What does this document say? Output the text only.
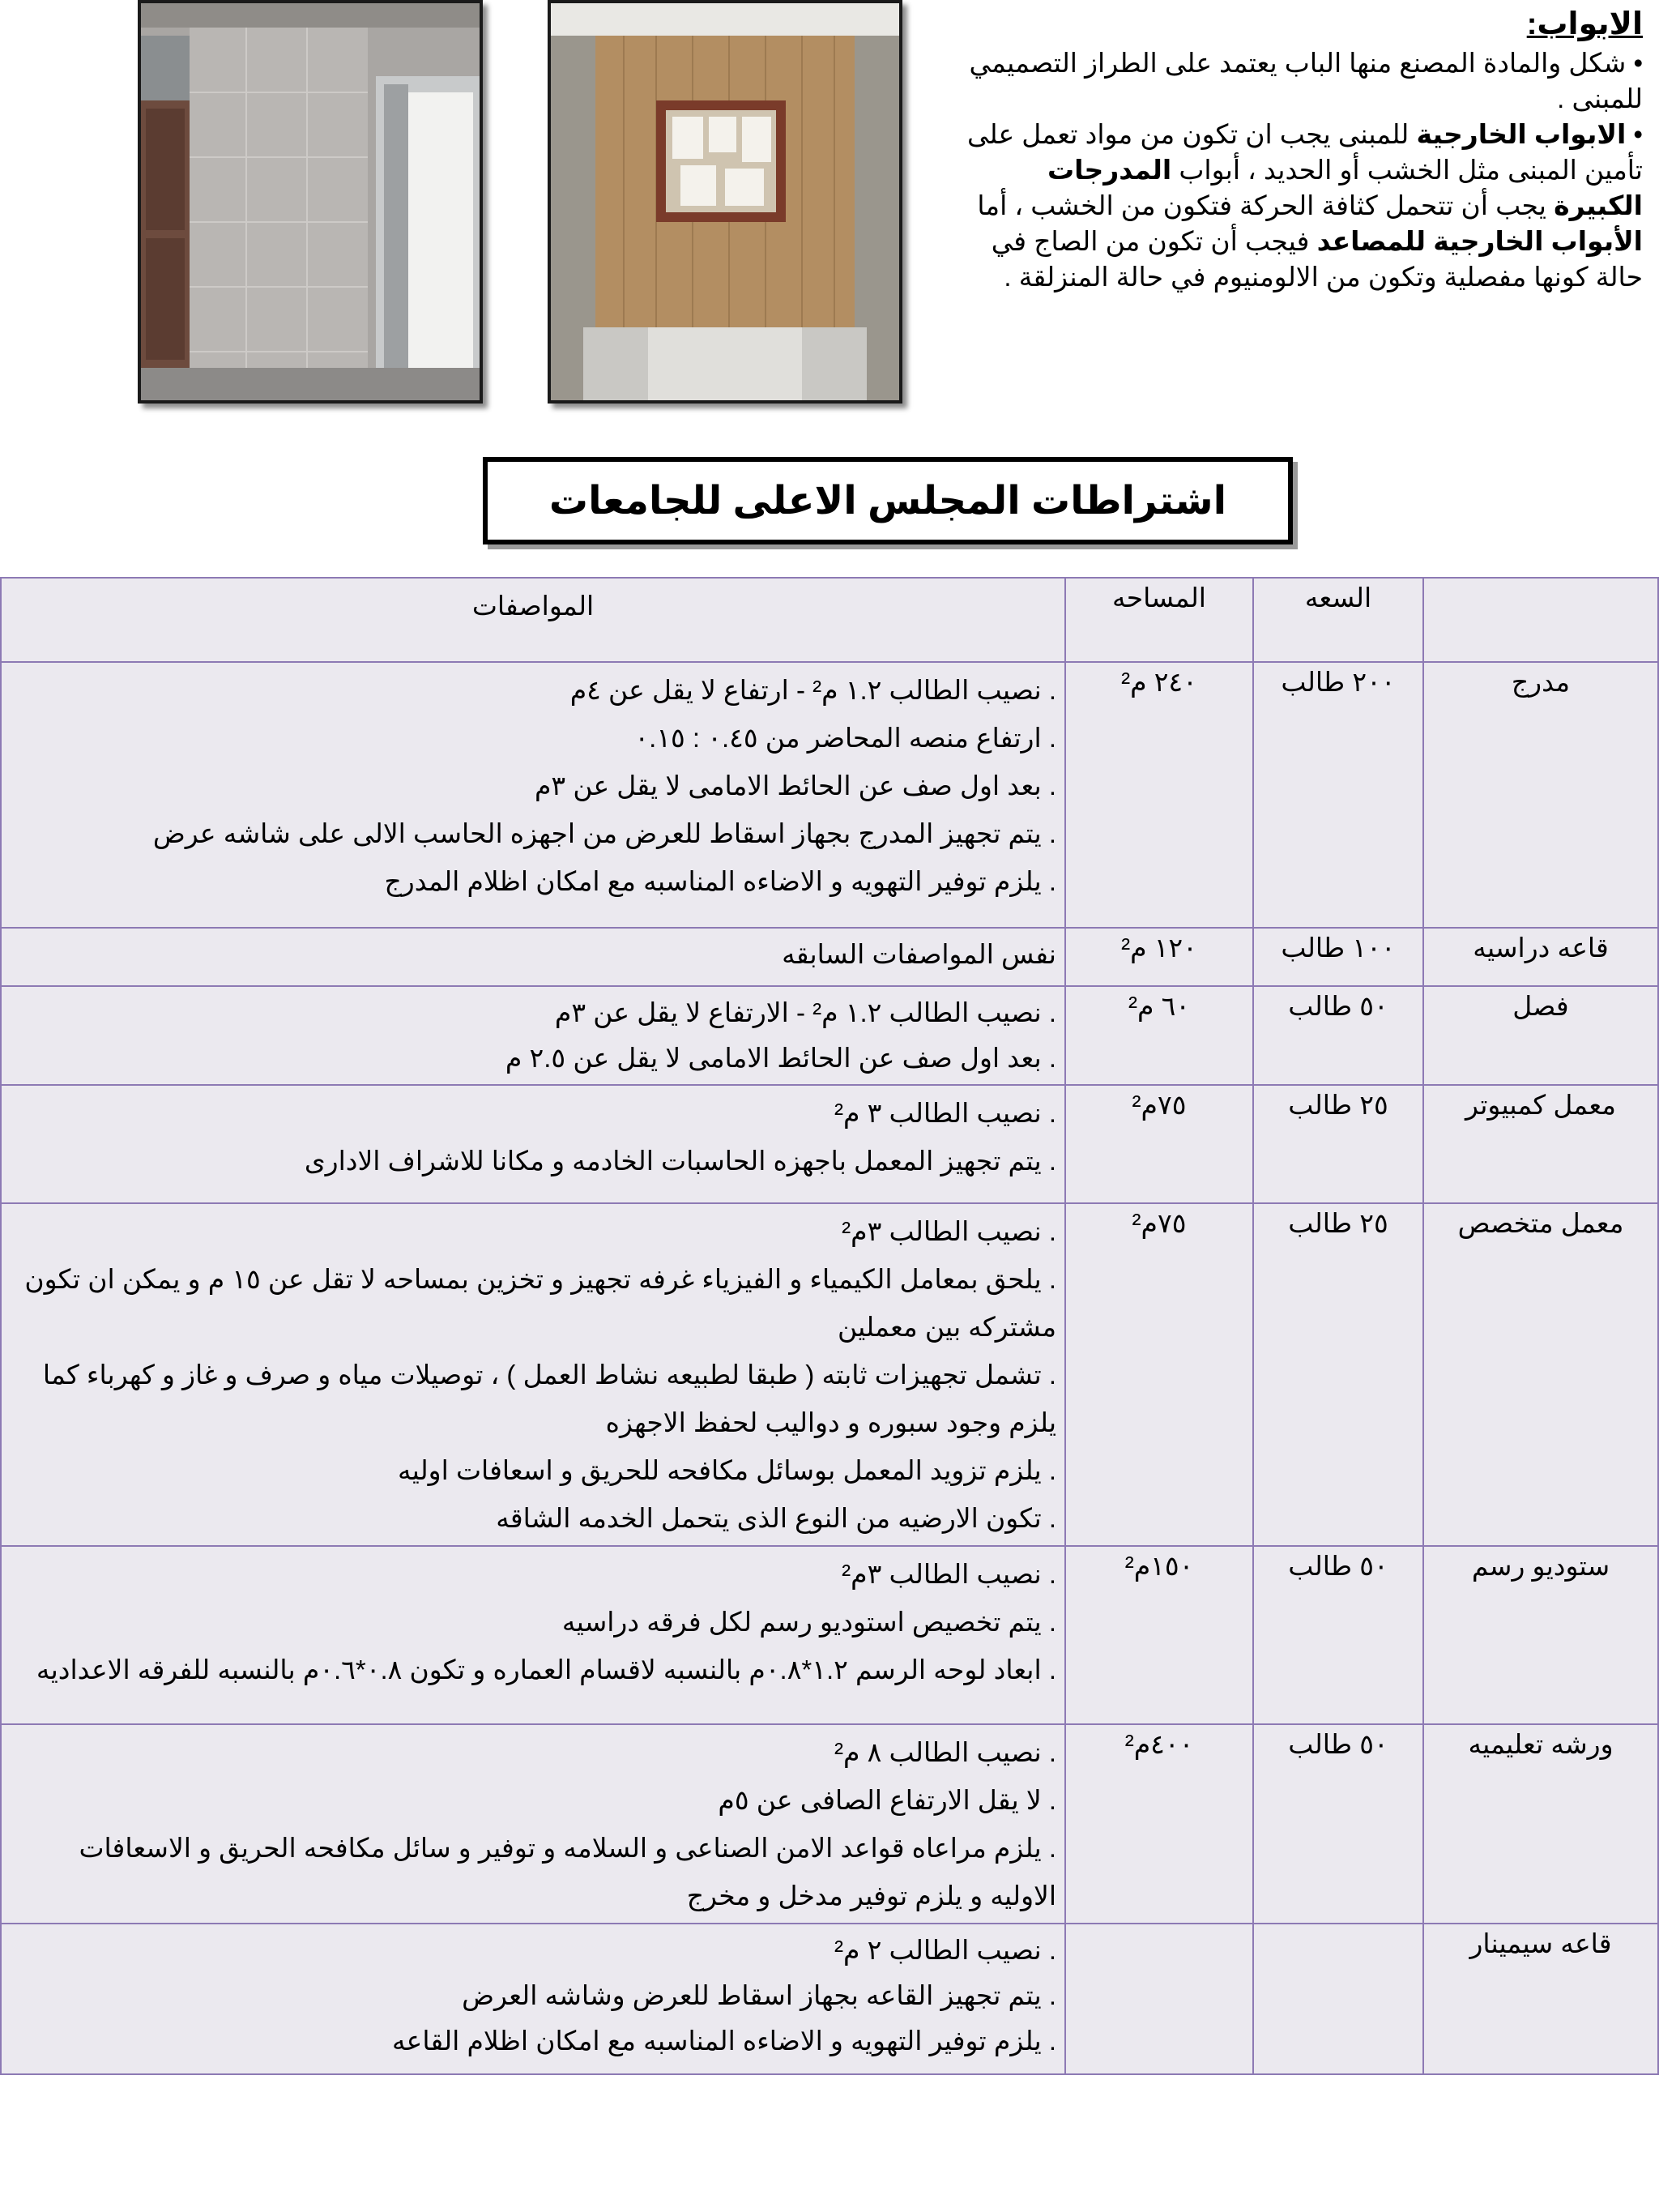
الابواب:

• شكل والمادة المصنع منها الباب يعتمد على الطراز التصميمي للمبنى .

• الابواب الخارجية للمبنى يجب ان تكون من مواد تعمل على تأمين المبنى مثل الخشب أو الحديد ، أبواب المدرجات الكبيرة يجب أن تتحمل كثافة الحركة فتكون من الخشب ، أما الأبواب الخارجية للمصاعد فيجب أن تكون من الصاج في حالة كونها مفصلية وتكون من الالومنيوم في حالة المنزلقة .

اشتراطات المجلس الاعلى للجامعات
	السعه	المساحه	المواصفات
مدرج	٢٠٠ طالب	٢٤٠ م²	. نصيب الطالب ١.٢ م² - ارتفاع لا يقل عن ٤م
. ارتفاع منصه المحاضر من ٠.٤٥ : ٠.١٥
. بعد اول صف عن الحائط الامامى لا يقل عن ٣م
. يتم تجهيز المدرج بجهاز اسقاط للعرض من اجهزه الحاسب الالى على شاشه عرض
. يلزم توفير التهويه و الاضاءه المناسبه مع امكان اظلام المدرج

قاعه دراسيه	١٠٠ طالب	١٢٠ م²	نفس المواصفات السابقه

فصل	٥٠ طالب	٦٠ م²	. نصيب الطالب ١.٢ م² - الارتفاع لا يقل عن ٣م
. بعد اول صف عن الحائط الامامى لا يقل عن ٢.٥ م

معمل كمبيوتر	٢٥ طالب	٧٥م²	. نصيب الطالب ٣ م²
. يتم تجهيز المعمل باجهزه الحاسبات الخادمه و مكانا للاشراف الادارى

معمل متخصص	٢٥ طالب	٧٥م²	. نصيب الطالب ٣م²
. يلحق بمعامل الكيمياء و الفيزياء غرفه تجهيز و تخزين بمساحه لا تقل عن ١٥ م و يمكن ان تكون مشتركه بين معملين
. تشمل تجهيزات ثابته ( طبقا لطبيعه نشاط العمل ) ، توصيلات مياه و صرف و غاز و كهرباء كما يلزم وجود سبوره و دواليب لحفظ الاجهزه
. يلزم تزويد المعمل بوسائل مكافحه للحريق و اسعافات اوليه
. تكون الارضيه من النوع الذى يتحمل الخدمه الشاقه

ستوديو رسم	٥٠ طالب	١٥٠م²	. نصيب الطالب ٣م²
. يتم تخصيص استوديو رسم لكل فرقه دراسيه
. ابعاد لوحه الرسم ١.٢*٠.٨م بالنسبه لاقسام العماره و تكون ٠.٨*٠.٦م بالنسبه للفرقه الاعداديه

ورشه تعليميه	٥٠ طالب	٤٠٠م²	. نصيب الطالب ٨ م²
. لا يقل الارتفاع الصافى عن ٥م
. يلزم مراعاه قواعد الامن الصناعى و السلامه و توفير و سائل مكافحه الحريق و الاسعافات الاوليه و يلزم توفير مدخل و مخرج

قاعه سيمينار			. نصيب الطالب ٢ م²
. يتم تجهيز القاعه بجهاز اسقاط للعرض وشاشه العرض
. يلزم توفير التهويه و الاضاءه المناسبه مع امكان اظلام القاعه
